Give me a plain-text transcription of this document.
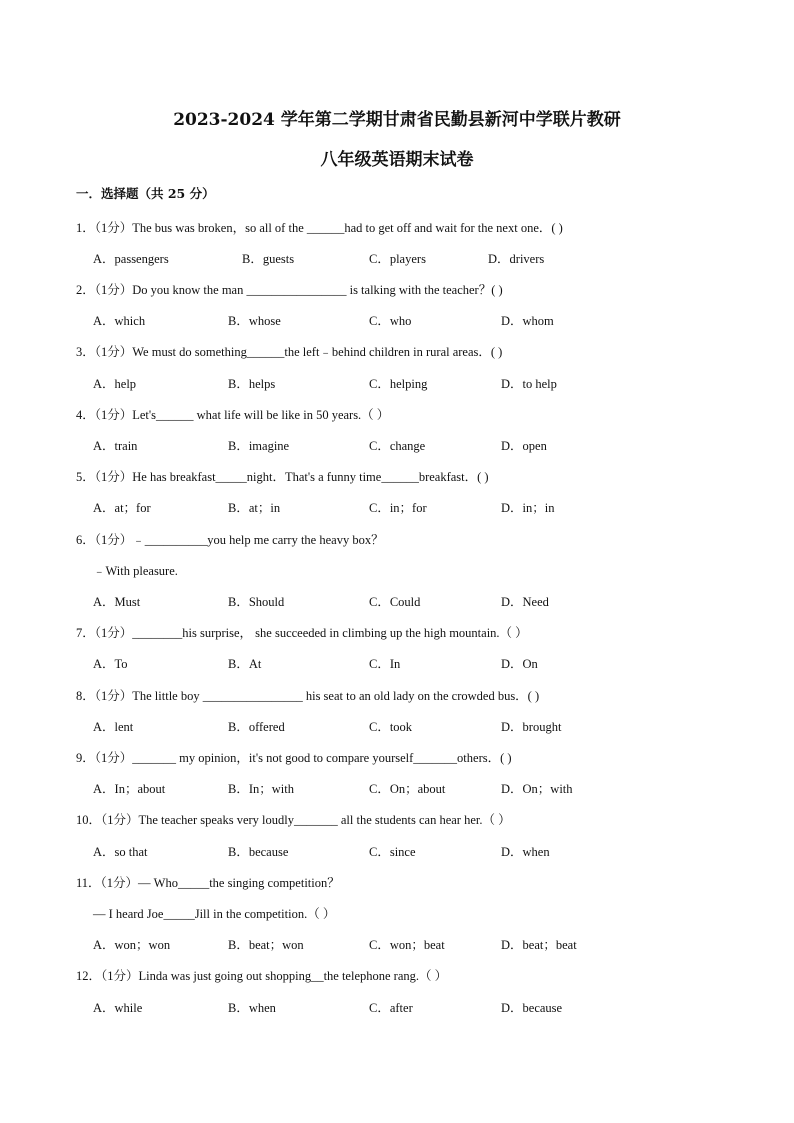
2023-2024 学年第二学期甘肃省民勤县新河中学联片教研
八年级英语期末试卷
一．选择题（共 25 分）
1．（1分）The bus was broken，so all of the ______had to get off and wait for the next one．( )
A．passengers	B．guests	C．players	D．drivers
2．（1分）Do you know the man ________________ is talking with the teacher？( )
A．which	B．whose	C．who	D．whom
3．（1分）We must do something______the left﹣behind children in rural areas．( )
A．help	B．helps	C．helping	D．to help
4．（1分）Let's______ what life will be like in 50 years.（ ）
A．train	B．imagine	C．change	D．open
5．（1分）He has breakfast_____night．That's a funny time______breakfast．( )
A．at；for	B．at；in	C．in；for	D．in；in
6．（1分）﹣__________you help me carry the heavy box？
﹣With pleasure.
A．Must	B．Should	C．Could	D．Need
7．（1分）________his surprise， she succeeded in climbing up the high mountain.（ ）
A．To	B．At	C．In	D．On
8．（1分）The little boy ________________ his seat to an old lady on the crowded bus．( )
A．lent	B．offered	C．took	D．brought
9．（1分）_______ my opinion，it's not good to compare yourself_______others．( )
A．In；about	B．In；with	C．On；about	D．On；with
10．（1分）The teacher speaks very loudly_______ all the students can hear her.（ ）
A．so that	B．because	C．since	D．when
11．（1分）— Who_____the singing competition？
— I heard Joe_____Jill in the competition.（ ）
A．won；won	B．beat；won	C．won；beat	D．beat；beat
12．（1分）Linda was just going out shopping__the telephone rang.（ ）
A．while	B．when	C．after	D．because
